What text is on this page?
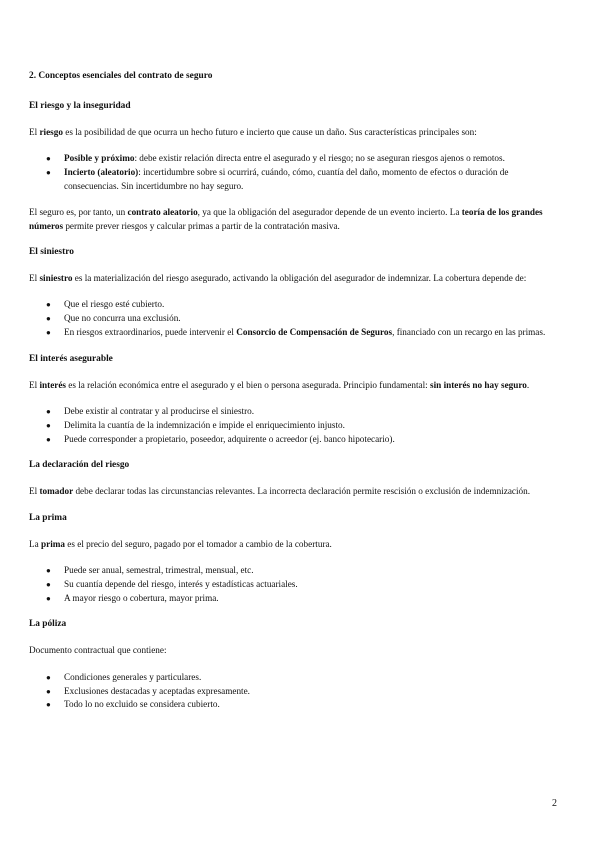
2. Conceptos esenciales del contrato de seguro
El riesgo y la inseguridad

El riesgo es la posibilidad de que ocurra un hecho futuro e incierto que cause un daño. Sus características principales son:

● Posible y próximo: debe existir relación directa entre el asegurado y el riesgo; no se aseguran riesgos ajenos o remotos.
● Incierto (aleatorio): incertidumbre sobre si ocurrirá, cuándo, cómo, cuantía del daño, momento de efectos o duración de consecuencias. Sin incertidumbre no hay seguro.

El seguro es, por tanto, un contrato aleatorio, ya que la obligación del asegurador depende de un evento incierto. La teoría de los grandes números permite prever riesgos y calcular primas a partir de la contratación masiva.

El siniestro

El siniestro es la materialización del riesgo asegurado, activando la obligación del asegurador de indemnizar. La cobertura depende de:

● Que el riesgo esté cubierto.
● Que no concurra una exclusión.
● En riesgos extraordinarios, puede intervenir el Consorcio de Compensación de Seguros, financiado con un recargo en las primas.
El interés asegurable

El interés es la relación económica entre el asegurado y el bien o persona asegurada. Principio fundamental: sin interés no hay seguro.

● Debe existir al contratar y al producirse el siniestro.
● Delimita la cuantía de la indemnización e impide el enriquecimiento injusto.
● Puede corresponder a propietario, poseedor, adquirente o acreedor (ej. banco hipotecario).
La declaración del riesgo

El tomador debe declarar todas las circunstancias relevantes. La incorrecta declaración permite rescisión o exclusión de indemnización.

La prima

La prima es el precio del seguro, pagado por el tomador a cambio de la cobertura.

● Puede ser anual, semestral, trimestral, mensual, etc.
● Su cuantía depende del riesgo, interés y estadísticas actuariales.
● A mayor riesgo o cobertura, mayor prima.
La póliza

Documento contractual que contiene:

● Condiciones generales y particulares.
● Exclusiones destacadas y aceptadas expresamente.
● Todo lo no excluido se considera cubierto.
2
